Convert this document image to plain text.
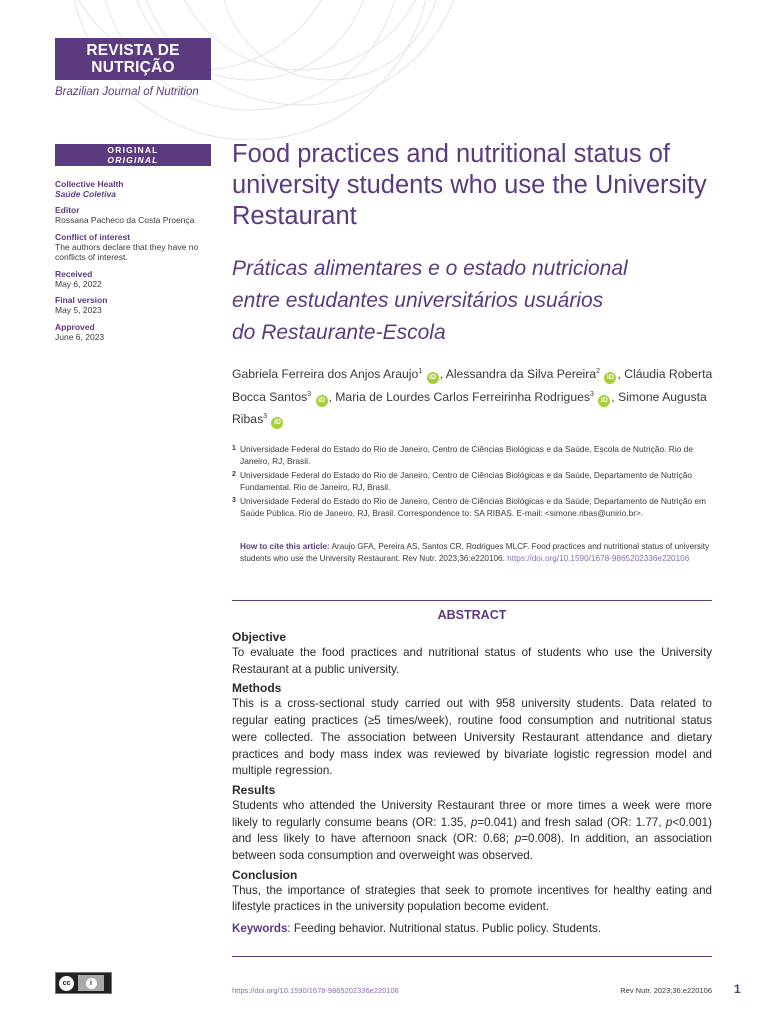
REVISTA DE
NUTRIÇÃO
Brazilian Journal of Nutrition
ORIGINAL
ORIGINAL
Collective Health
Saúde Coletiva
Editor
Rossana Pacheco da Costa Proença
Conflict of interest
The authors declare that they have no conflicts of interest.
Received
May 6, 2022
Final version
May 5, 2023
Approved
June 6, 2023
Food practices and nutritional status of university students who use the University Restaurant
Práticas alimentares e o estado nutricional
entre estudantes universitários usuários
do Restaurante-Escola
Gabriela Ferreira dos Anjos Araujo$^1$ iD , Alessandra da Silva Pereira$^2$ iD , Cláudia Roberta Bocca Santos$^3$ iD , Maria de Lourdes Carlos Ferreirinha Rodrigues$^3$ iD , Simone Augusta Ribas$^3$ iD
1 Universidade Federal do Estado do Rio de Janeiro, Centro de Ciências Biológicas e da Saúde, Escola de Nutrição. Rio de Janeiro, RJ, Brasil.
2 Universidade Federal do Estado do Rio de Janeiro, Centro de Ciências Biológicas e da Saúde, Departamento de Nutrição Fundamental. Rio de Janeiro, RJ, Brasil.
3 Universidade Federal do Estado do Rio de Janeiro, Centro de Ciências Biológicas e da Saúde, Departamento de Nutrição em Saúde Pública. Rio de Janeiro, RJ, Brasil. Correspondence to: SA RIBAS. E-mail: <simone.ribas@unirio.br>.
How to cite this article: Araujo GFA, Pereira AS, Santos CR, Rodrigues MLCF. Food practices and nutritional status of university students who use the University Restaurant. Rev Nutr. 2023;36:e220106. https://doi.org/10.1590/1678-9865202336e220106
ABSTRACT
Objective
To evaluate the food practices and nutritional status of students who use the University Restaurant at a public university.
Methods
This is a cross-sectional study carried out with 958 university students. Data related to regular eating practices (≥5 times/week), routine food consumption and nutritional status were collected. The association between University Restaurant attendance and dietary practices and body mass index was reviewed by bivariate logistic regression model and multiple regression.
Results
Students who attended the University Restaurant three or more times a week were more likely to regularly consume beans (OR: 1.35, p=0.041) and fresh salad (OR: 1.77, p<0.001) and less likely to have afternoon snack (OR: 0.68; p=0.008). In addition, an association between soda consumption and overweight was observed.
Conclusion
Thus, the importance of strategies that seek to promote incentives for healthy eating and lifestyle practices in the university population become evident.
Keywords: Feeding behavior. Nutritional status. Public policy. Students.
cc	i
https://doi.org/10.1590/1678-9865202336e220106	Rev Nutr. 2023;36:e220106 1
